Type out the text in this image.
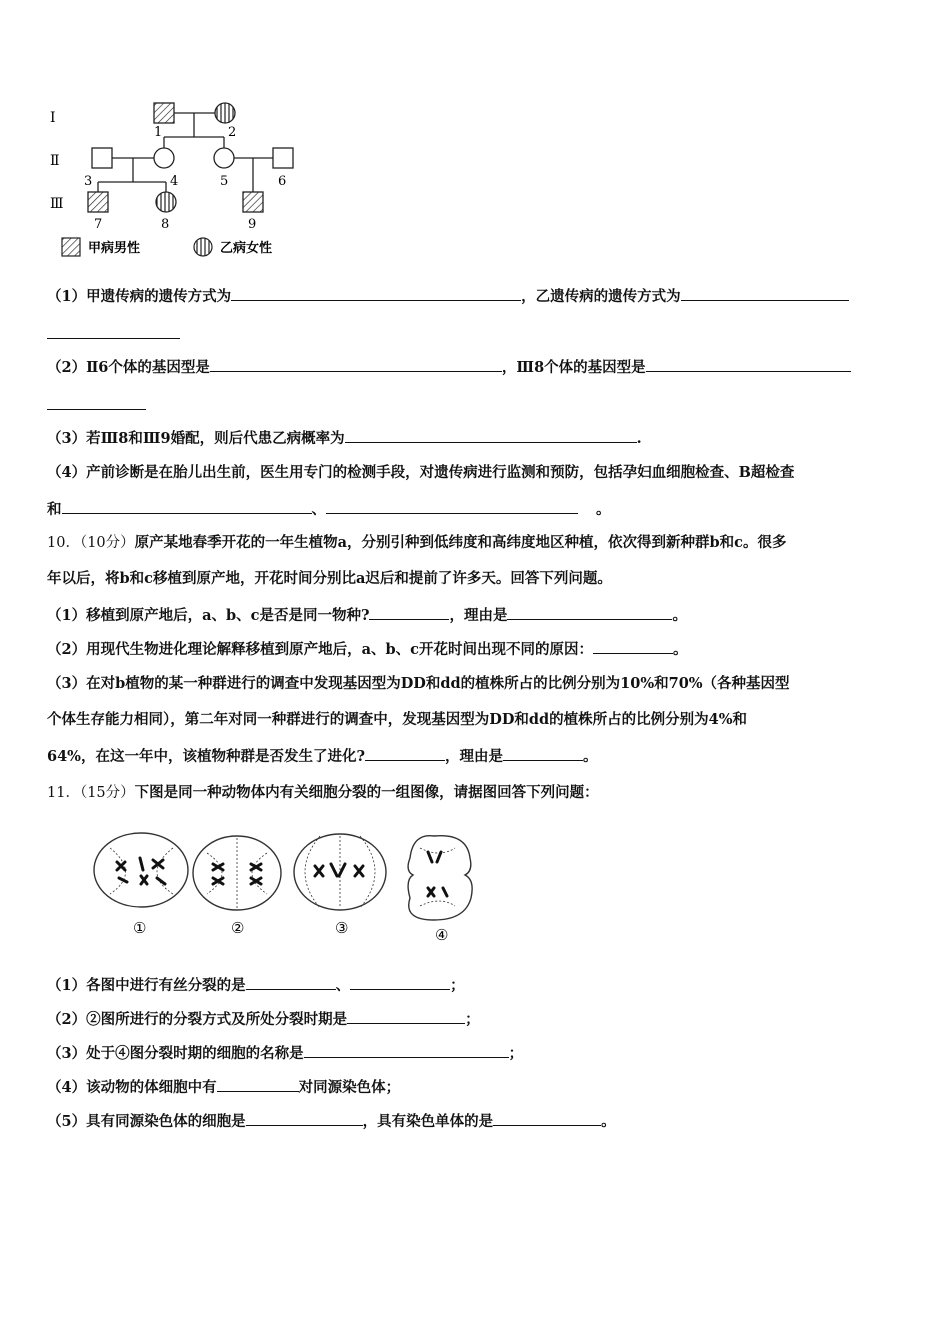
Ⅰ
Ⅱ
Ⅲ
1	2
3	4	5	6
7	8	9
甲病男性	乙病女性
（1）甲遗传病的遗传方式为	，乙遗传病的遗传方式为
（2）Ⅱ6个体的基因型是	，Ⅲ8个体的基因型是
（3）若Ⅲ8和Ⅲ9婚配，则后代患乙病概率为	.
（4）产前诊断是在胎儿出生前，医生用专门的检测手段，对遗传病进行监测和预防，包括孕妇血细胞检查、B超检查
和	、	。
10．（10分）原产某地春季开花的一年生植物a，分别引种到低纬度和高纬度地区种植，依次得到新种群b和c。很多
年以后，将b和c移植到原产地，开花时间分别比a迟后和提前了许多天。回答下列问题。
（1）移植到原产地后，a、b、c是否是同一物种?	，理由是	。
（2）用现代生物进化理论解释移植到原产地后，a、b、c开花时间出现不同的原因：	。
（3）在对b植物的某一种群进行的调查中发现基因型为DD和dd的植株所占的比例分别为10%和70%（各种基因型
个体生存能力相同），第二年对同一种群进行的调查中，发现基因型为DD和dd的植株所占的比例分别为4%和
64%，在这一年中，该植物种群是否发生了进化?	，理由是	。
11．（15分）下图是同一种动物体内有关细胞分裂的一组图像，请据图回答下列问题：
①	②	③	④
（1）各图中进行有丝分裂的是	、	；
（2）②图所进行的分裂方式及所处分裂时期是	；
（3）处于④图分裂时期的细胞的名称是	；
（4）该动物的体细胞中有	对同源染色体；
（5）具有同源染色体的细胞是	，具有染色单体的是	。
